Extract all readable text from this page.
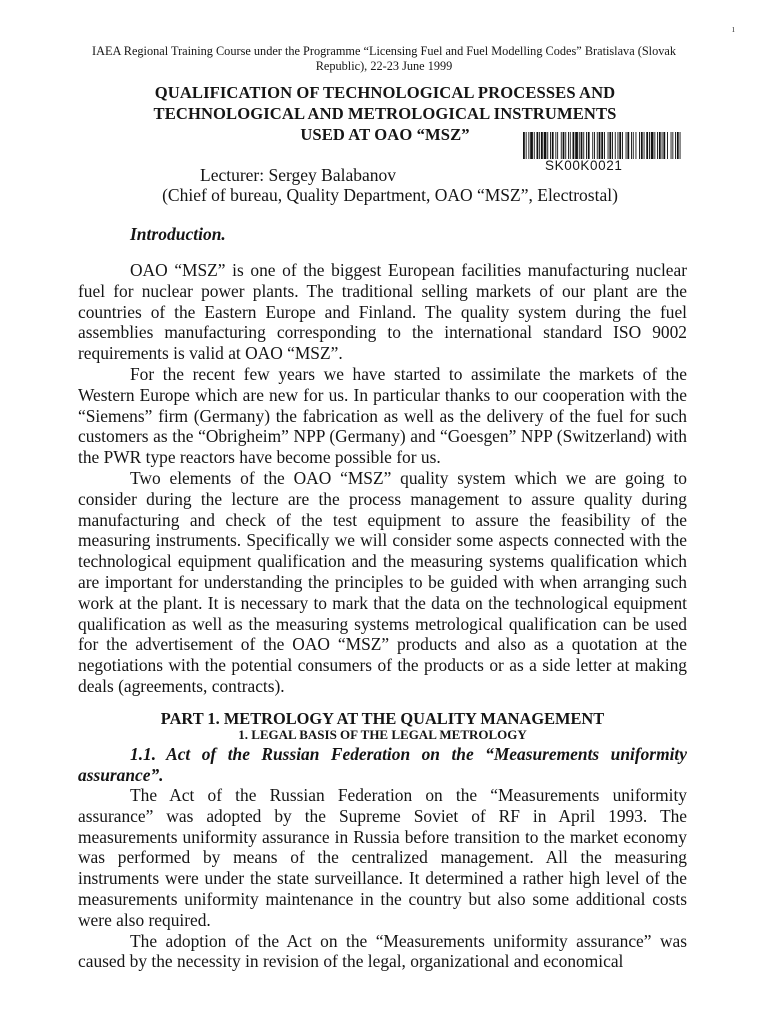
ı
IAEA Regional Training Course under the Programme “Licensing Fuel and Fuel Modelling Codes” Bratislava (Slovak Republic), 22-23 June 1999
QUALIFICATION OF TECHNOLOGICAL PROCESSES AND
TECHNOLOGICAL AND METROLOGICAL INSTRUMENTS
USED AT OAO “MSZ”
SK00K0021
Lecturer: Sergey Balabanov
(Chief of bureau, Quality Department, OAO “MSZ”, Electrostal)
Introduction.

OAO “MSZ” is one of the biggest European facilities manufacturing nuclear fuel for nuclear power plants. The traditional selling markets of our plant are the countries of the Eastern Europe and Finland. The quality system during the fuel assemblies manufacturing corresponding to the international standard ISO 9002 requirements is valid at OAO “MSZ”.

For the recent few years we have started to assimilate the markets of the Western Europe which are new for us. In particular thanks to our cooperation with the “Siemens” firm (Germany) the fabrication as well as the delivery of the fuel for such customers as the “Obrigheim” NPP (Germany) and “Goesgen” NPP (Switzerland) with the PWR type reactors have become possible for us.

Two elements of the OAO “MSZ” quality system which we are going to consider during the lecture are the process management to assure quality during manufacturing and check of the test equipment to assure the feasibility of the measuring instruments. Specifically we will consider some aspects connected with the technological equipment qualification and the measuring systems qualification which are important for understanding the principles to be guided with when arranging such work at the plant. It is necessary to mark that the data on the technological equipment qualification as well as the measuring systems metrological qualification can be used for the advertisement of the OAO “MSZ” products and also as a quotation at the negotiations with the potential consumers of the products or as a side letter at making deals (agreements, contracts).

PART 1. METROLOGY AT THE QUALITY MANAGEMENT
1. LEGAL BASIS OF THE LEGAL METROLOGY
1.1. Act of the Russian Federation on the “Measurements uniformity assurance”.

The Act of the Russian Federation on the “Measurements uniformity assurance” was adopted by the Supreme Soviet of RF in April 1993. The measurements uniformity assurance in Russia before transition to the market economy was performed by means of the centralized management. All the measuring instruments were under the state surveillance. It determined a rather high level of the measurements uniformity maintenance in the country but also some additional costs were also required.

The adoption of the Act on the “Measurements uniformity assurance” was caused by the necessity in revision of the legal, organizational and economical
